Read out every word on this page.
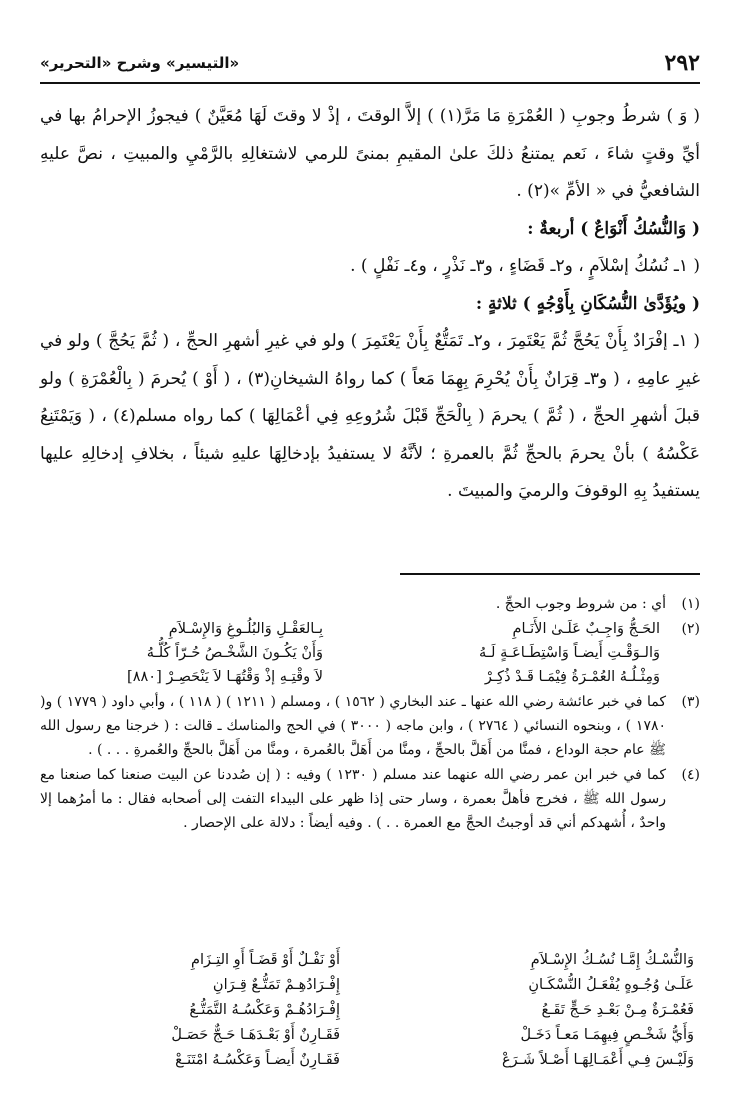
٢٩٢
«التيسير» وشرح «التحرير»

( وَ ) شرطُ وجوبِ ( العُمْرَةِ مَا مَرَّ(١) ) إلاَّ الوقتَ ، إذْ لا وقتَ لَهَا مُعَيَّنٌ ) فيجوزُ الإحرامُ بها في أيِّ وقتٍ شاءَ ، نَعم يمتنعُ ذلكَ علىٰ المقيمِ بمنىً للرمي لاشتغالِهِ بالرَّمْيِ والمبيتِ ، نصَّ عليهِ الشافعيُّ في « الأمِّ »(٢) .

( وَالنُّسُكُ أَنْوَاعٌ ) أربعةٌ :

( ١ـ نُسُكُ إسْلاَمٍ ، و٢ـ قَضَاءٍ ، و٣ـ نَذْرٍ ، و٤ـ نَفْلٍ ) .

( ويُؤَدَّىٰ النُّسُكَانِ بِأَوْجُهٍ ) ثلاثةٍ :

( ١ـ إفْرَادٌ بِأَنْ يَحُجَّ ثُمَّ يَعْتَمِرَ ، و٢ـ تَمَتُّعٌ بِأَنْ يَعْتَمِرَ ) ولو في غيرِ أشهرِ الحجِّ ، ( ثُمَّ يَحُجَّ ) ولو في غيرِ عامِهِ ، ( و٣ـ قِرَانٌ بِأَنْ يُحْرِمَ بِهِمَا مَعاً ) كما رواهُ الشيخانِ(٣) ، ( أَوْ ) يُحرمَ ( بِالْعُمْرَةِ ) ولو قبلَ أشهرِ الحجِّ ، ( ثُمَّ ) يحرمَ ( بِالْحَجِّ قَبْلَ شُرُوعِهِ فِي أعْمَالِهَا ) كما رواه مسلم(٤) ، ( وَيَمْتَنِعُ عَكْسُهُ ) بأنْ يحرمَ بالحجِّ ثُمَّ بالعمرةِ ؛ لأنَّهُ لا يستفيدُ بإدخالِهَا عليهِ شيئاً ، بخلافِ إدخالِهِ عليها يستفيدُ بِهِ الوقوفَ والرميَ والمبيتَ .

(١)
أي : من شروط وجوب الحجِّ .
(٢)
الحَـجُّ وَاجِـبٌ عَلَـىٰ الأَنَـامِ	بِـالعَقْـلِ وَالبُلُـوغِ وَالإِسْـلاَمِ
وَالـوَقْـتِ أَيضـاً وَاسْتِطَـاعَـةٍ لَـهُ	وَأَنْ يَكُـونَ الشَّخْـصُ حُـرّاً كُلُّـهُ
وَمِثْـلُـهُ العُمْـرَةُ فِيْمَـا قَـدْ ذُكِـرْ	لاَ وقْتِـهِ إذْ وَقْتُهَـا لاَ يَنْحَصِـرْ [٨٨٠]
(٣)
كما في خبر عائشة رضي الله عنها ـ عند البخاري ( ١٥٦٢ ) ، ومسلم ( ١٢١١ ) ( ١١٨ ) ، وأبي داود ( ١٧٧٩ ) و( ١٧٨٠ ) ، وبنحوه النسائي ( ٢٧٦٤ ) ، وابن ماجه ( ٣٠٠٠ ) في الحج والمناسك ـ قالت : ( خرجنا مع رسول الله ﷺ عام حجة الوداع ، فمنَّا من أَهَلَّ بالحجِّ ، ومنَّا من أَهَلَّ بالعُمرة ، ومنَّا من أَهَلَّ بالحجِّ والعُمرةِ . . . ) .
(٤)
كما في خبر ابن عمر رضي الله عنهما عند مسلم ( ١٢٣٠ ) وفيه : ( إن صُددنا عن البيت صنعنا كما صنعنا مع رسول الله ﷺ ، فخرج فأهلَّ بعمرة ، وسار حتى إذا ظهر على البيداء التفت إلى أصحابه فقال : ما أمرُهما إلا واحدٌ ، أُشهدكم أني قد أوجبتُ الحجَّ مع العمرة . . ) . وفيه أيضاً : دلالة على الإحصار .
وَالنُّسْـكُ إِمَّـا نُسُـكُ الإِسْـلاَمِ	أَوْ نَفْـلٌ أَوْ قَضَـاً أَوِ التِـزَامِ
عَلَـىٰ وُجُـوهٍ يُفْعَـلُ النُّسْكَـانِ	إِفْـرَادُهِـمْ تَمَتُّـعٌ قِـرَانِ
فَعُمْـرَةٌ مِـنْ بَعْـدِ حَـجٍّ تَقَـعُ	إِفْـرَادُهُـمْ وَعَكْسُـهُ التَّمَتُّـعُ
وَأَيُّ شَخْـصٍ فِيهِمَـا مَعـاً دَخَـلْ	فَقَـارِنٌ أَوْ بَعْـدَهَـا حَـجٌّ حَصَـلْ
وَلَيْـسَ فِـي أَعْمَـالِهَـا أَصْـلاً شَـرَعْ	فَقَـارِنٌ أَيضـاً وَعَكْسُـهُ امْتَنَـعْ
